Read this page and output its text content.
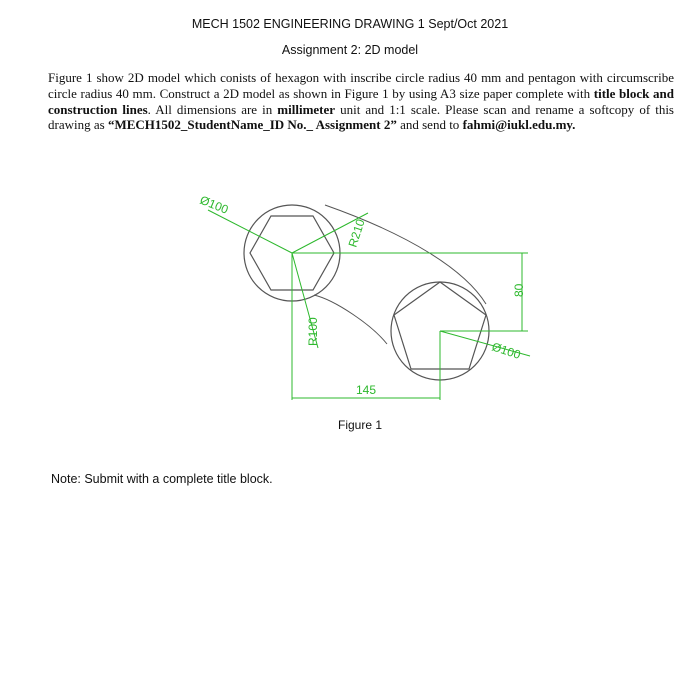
MECH 1502 ENGINEERING DRAWING 1 Sept/Oct 2021
Assignment 2: 2D model

Figure 1 show 2D model which conists of hexagon with inscribe circle radius 40 mm and pentagon with circumscribe circle radius 40 mm. Construct a 2D model as shown in Figure 1 by using A3 size paper complete with title block and construction lines. All dimensions are in millimeter unit and 1:1 scale. Please scan and rename a softcopy of this drawing as “MECH1502_StudentName_ID No._ Assignment 2” and send to fahmi@iukl.edu.my.

Ø100
R210
R100
80
Ø100
145
Figure 1
Note: Submit with a complete title block.
